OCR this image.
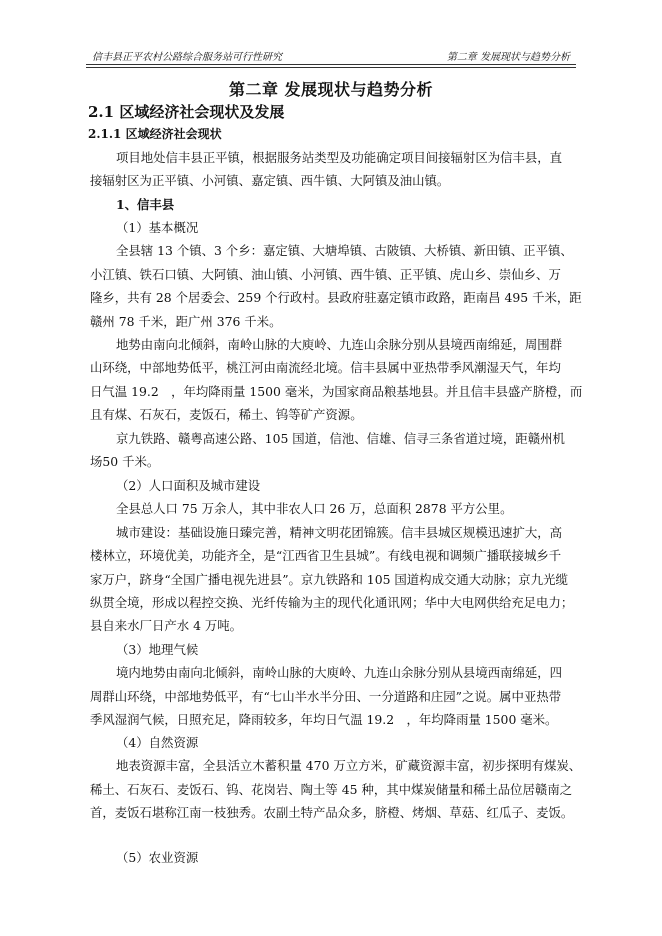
信丰县正平农村公路综合服务站可行性研究	第二章 发展现状与趋势分析
第二章 发展现状与趋势分析
2.1 区域经济社会现状及发展
2.1.1 区域经济社会现状
项目地处信丰县正平镇，根据服务站类型及功能确定项目间接辐射区为信丰县，直
接辐射区为正平镇、小河镇、嘉定镇、西牛镇、大阿镇及油山镇。
1、信丰县
（1）基本概况
全县辖 13 个镇、3 个乡：嘉定镇、大塘埠镇、古陂镇、大桥镇、新田镇、正平镇、
小江镇、铁石口镇、大阿镇、油山镇、小河镇、西牛镇、正平镇、虎山乡、崇仙乡、万
隆乡，共有 28 个居委会、259 个行政村。县政府驻嘉定镇市政路，距南昌 495 千米，距
赣州 78 千米，距广州 376 千米。
地势由南向北倾斜，南岭山脉的大庾岭、九连山余脉分别从县境西南绵延，周围群
山环绕，中部地势低平，桃江河由南流经北境。信丰县属中亚热带季风潮湿天气，年均
日气温 19.2　，年均降雨量 1500 毫米，为国家商品粮基地县。并且信丰县盛产脐橙，而
且有煤、石灰石，麦饭石，稀土、钨等矿产资源。
京九铁路、赣粤高速公路、105 国道，信池、信雄、信寻三条省道过境，距赣州机
场50 千米。
（2）人口面积及城市建设
全县总人口 75 万余人，其中非农人口 26 万，总面积 2878 平方公里。
城市建设：基础设施日臻完善，精神文明花团锦簇。信丰县城区规模迅速扩大，高
楼林立，环境优美，功能齐全，是“江西省卫生县城”。有线电视和调频广播联接城乡千
家万户，跻身“全国广播电视先进县”。京九铁路和 105 国道构成交通大动脉；京九光缆
纵贯全境，形成以程控交换、光纤传输为主的现代化通讯网；华中大电网供给充足电力；
县自来水厂日产水 4 万吨。
（3）地理气候
境内地势由南向北倾斜，南岭山脉的大庾岭、九连山余脉分别从县境西南绵延，四
周群山环绕，中部地势低平，有“七山半水半分田、一分道路和庄园”之说。属中亚热带
季风湿润气候，日照充足，降雨较多，年均日气温 19.2　，年均降雨量 1500 毫米。
（4）自然资源
地表资源丰富，全县活立木蓄积量 470 万立方米，矿藏资源丰富，初步探明有煤炭、
稀土、石灰石、麦饭石、钨、花岗岩、陶土等 45 种，其中煤炭储量和稀土品位居赣南之
首，麦饭石堪称江南一枝独秀。农副土特产品众多，脐橙、烤烟、草菇、红瓜子、麦饭。
（5）农业资源
